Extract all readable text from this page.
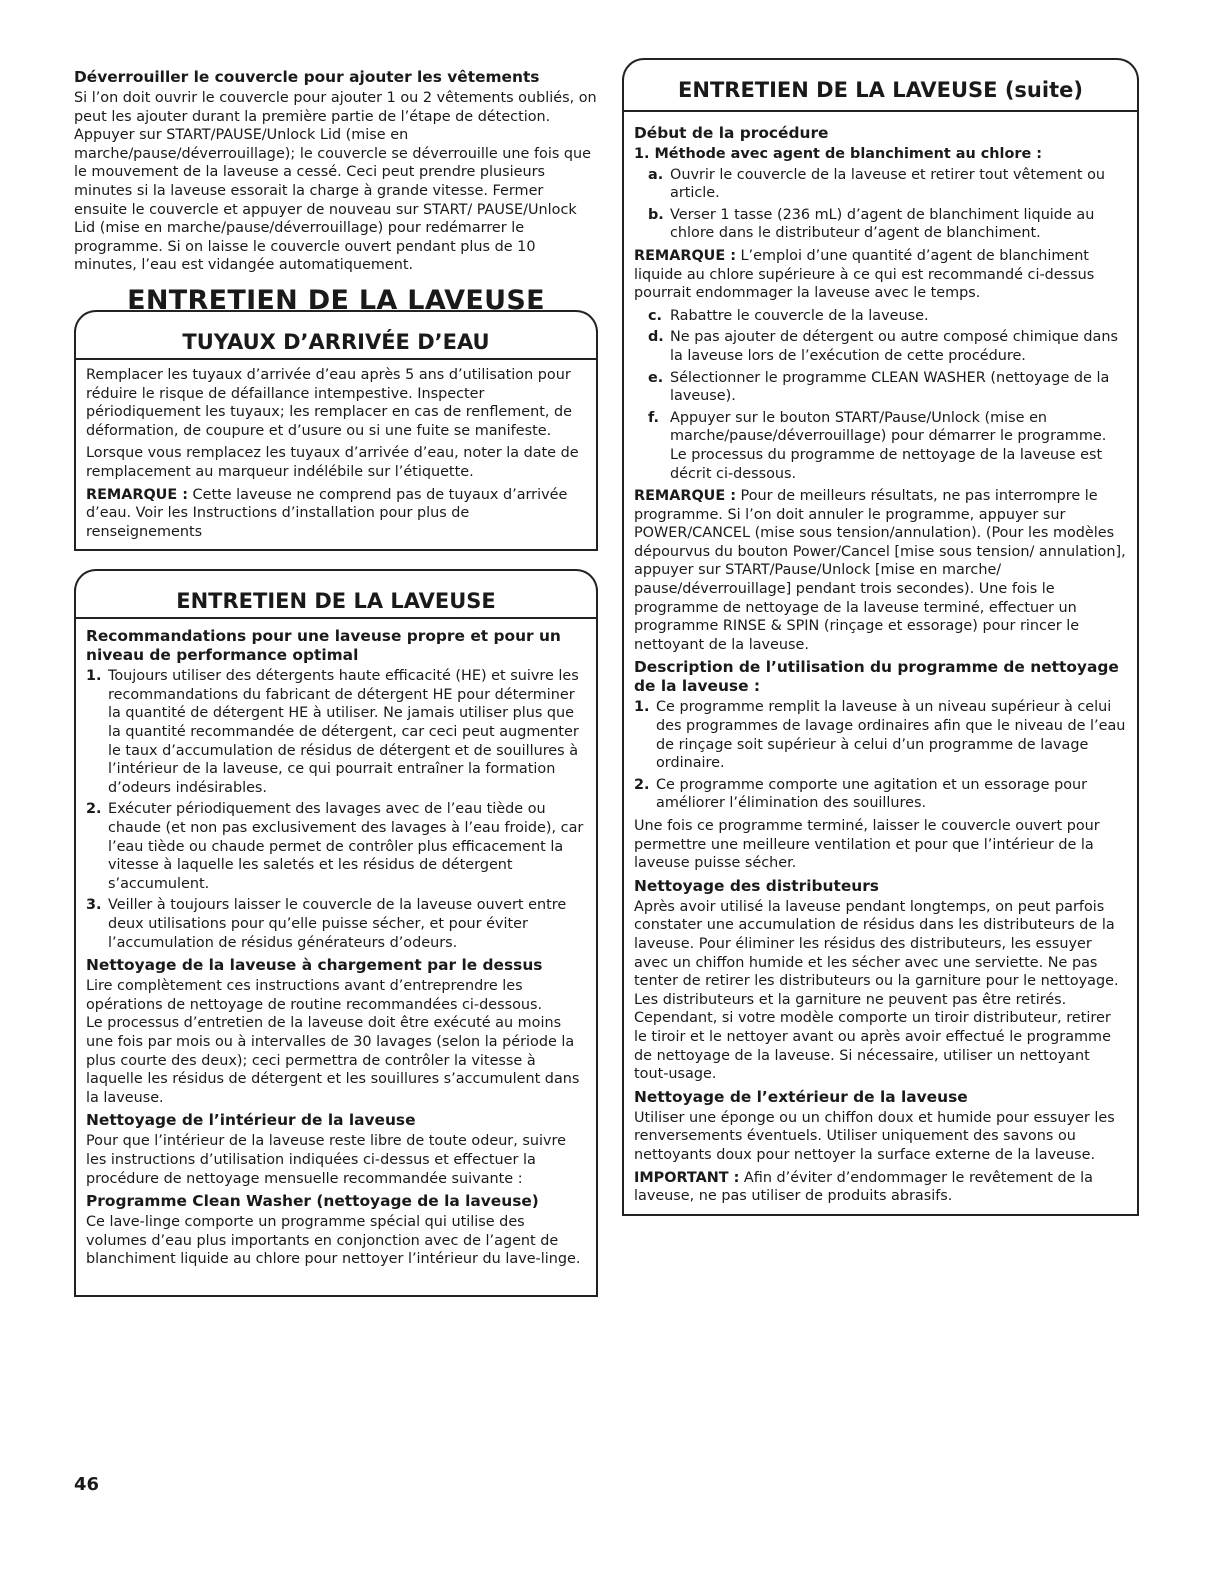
Déverrouiller le couvercle pour ajouter les vêtements

Si l’on doit ouvrir le couvercle pour ajouter 1 ou 2 vêtements oubliés, on peut les ajouter durant la première partie de l’étape de détection. Appuyer sur START/PAUSE/Unlock Lid (mise en marche/pause/déverrouillage); le couvercle se déverrouille une fois que le mouvement de la laveuse a cessé. Ceci peut prendre plusieurs minutes si la laveuse essorait la charge à grande vitesse. Fermer ensuite le couvercle et appuyer de nouveau sur START/ PAUSE/Unlock Lid (mise en marche/pause/déverrouillage) pour redémarrer le programme. Si on laisse le couvercle ouvert pendant plus de 10 minutes, l’eau est vidangée automatiquement.

ENTRETIEN DE LA LAVEUSE
TUYAUX D’ARRIVÉE D’EAU

Remplacer les tuyaux d’arrivée d’eau après 5 ans d’utilisation pour réduire le risque de défaillance intempestive. Inspecter périodiquement les tuyaux; les remplacer en cas de renflement, de déformation, de coupure et d’usure ou si une fuite se manifeste.

Lorsque vous remplacez les tuyaux d’arrivée d’eau, noter la date de remplacement au marqueur indélébile sur l’étiquette.

REMARQUE : Cette laveuse ne comprend pas de tuyaux d’arrivée d’eau. Voir les Instructions d’installation pour plus de renseignements

ENTRETIEN DE LA LAVEUSE
Recommandations pour une laveuse propre et pour un niveau de performance optimal
1. Toujours utiliser des détergents haute efficacité (HE) et suivre les recommandations du fabricant de détergent HE pour déterminer la quantité de détergent HE à utiliser. Ne jamais utiliser plus que la quantité recommandée de détergent, car ceci peut augmenter le taux d’accumulation de résidus de détergent et de souillures à l’intérieur de la laveuse, ce qui pourrait entraîner la formation d’odeurs indésirables.
2. Exécuter périodiquement des lavages avec de l’eau tiède ou chaude (et non pas exclusivement des lavages à l’eau froide), car l’eau tiède ou chaude permet de contrôler plus efficacement la vitesse à laquelle les saletés et les résidus de détergent s’accumulent.
3. Veiller à toujours laisser le couvercle de la laveuse ouvert entre deux utilisations pour qu’elle puisse sécher, et pour éviter l’accumulation de résidus générateurs d’odeurs.
Nettoyage de la laveuse à chargement par le dessus

Lire complètement ces instructions avant d’entreprendre les opérations de nettoyage de routine recommandées ci-dessous.

Le processus d’entretien de la laveuse doit être exécuté au moins une fois par mois ou à intervalles de 30 lavages (selon la période la plus courte des deux); ceci permettra de contrôler la vitesse à laquelle les résidus de détergent et les souillures s’accumulent dans la laveuse.

Nettoyage de l’intérieur de la laveuse

Pour que l’intérieur de la laveuse reste libre de toute odeur, suivre les instructions d’utilisation indiquées ci-dessus et effectuer la procédure de nettoyage mensuelle recommandée suivante :

Programme Clean Washer (nettoyage de la laveuse)

Ce lave-linge comporte un programme spécial qui utilise des volumes d’eau plus importants en conjonction avec de l’agent de blanchiment liquide au chlore pour nettoyer l’intérieur du lave-linge.

46
ENTRETIEN DE LA LAVEUSE (suite)
Début de la procédure
1. Méthode avec agent de blanchiment au chlore :
a. Ouvrir le couvercle de la laveuse et retirer tout vêtement ou article.
b. Verser 1 tasse (236 mL) d’agent de blanchiment liquide au chlore dans le distributeur d’agent de blanchiment.

REMARQUE : L’emploi d’une quantité d’agent de blanchiment liquide au chlore supérieure à ce qui est recommandé ci-dessus pourrait endommager la laveuse avec le temps.

c. Rabattre le couvercle de la laveuse.
d. Ne pas ajouter de détergent ou autre composé chimique dans la laveuse lors de l’exécution de cette procédure.
e. Sélectionner le programme CLEAN WASHER (nettoyage de la laveuse).
f. Appuyer sur le bouton START/Pause/Unlock (mise en marche/pause/déverrouillage) pour démarrer le programme. Le processus du programme de nettoyage de la laveuse est décrit ci-dessous.

REMARQUE : Pour de meilleurs résultats, ne pas interrompre le programme. Si l’on doit annuler le programme, appuyer sur POWER/CANCEL (mise sous tension/annulation). (Pour les modèles dépourvus du bouton Power/Cancel [mise sous tension/ annulation], appuyer sur START/Pause/Unlock [mise en marche/ pause/déverrouillage] pendant trois secondes). Une fois le programme de nettoyage de la laveuse terminé, effectuer un programme RINSE & SPIN (rinçage et essorage) pour rincer le nettoyant de la laveuse.

Description de l’utilisation du programme de nettoyage de la laveuse :
1. Ce programme remplit la laveuse à un niveau supérieur à celui des programmes de lavage ordinaires afin que le niveau de l’eau de rinçage soit supérieur à celui d’un programme de lavage ordinaire.
2. Ce programme comporte une agitation et un essorage pour améliorer l’élimination des souillures.

Une fois ce programme terminé, laisser le couvercle ouvert pour permettre une meilleure ventilation et pour que l’intérieur de la laveuse puisse sécher.

Nettoyage des distributeurs

Après avoir utilisé la laveuse pendant longtemps, on peut parfois constater une accumulation de résidus dans les distributeurs de la laveuse. Pour éliminer les résidus des distributeurs, les essuyer avec un chiffon humide et les sécher avec une serviette. Ne pas tenter de retirer les distributeurs ou la garniture pour le nettoyage. Les distributeurs et la garniture ne peuvent pas être retirés. Cependant, si votre modèle comporte un tiroir distributeur, retirer le tiroir et le nettoyer avant ou après avoir effectué le programme de nettoyage de la laveuse. Si nécessaire, utiliser un nettoyant tout-usage.

Nettoyage de l’extérieur de la laveuse

Utiliser une éponge ou un chiffon doux et humide pour essuyer les renversements éventuels. Utiliser uniquement des savons ou nettoyants doux pour nettoyer la surface externe de la laveuse.

IMPORTANT : Afin d’éviter d’endommager le revêtement de la laveuse, ne pas utiliser de produits abrasifs.
